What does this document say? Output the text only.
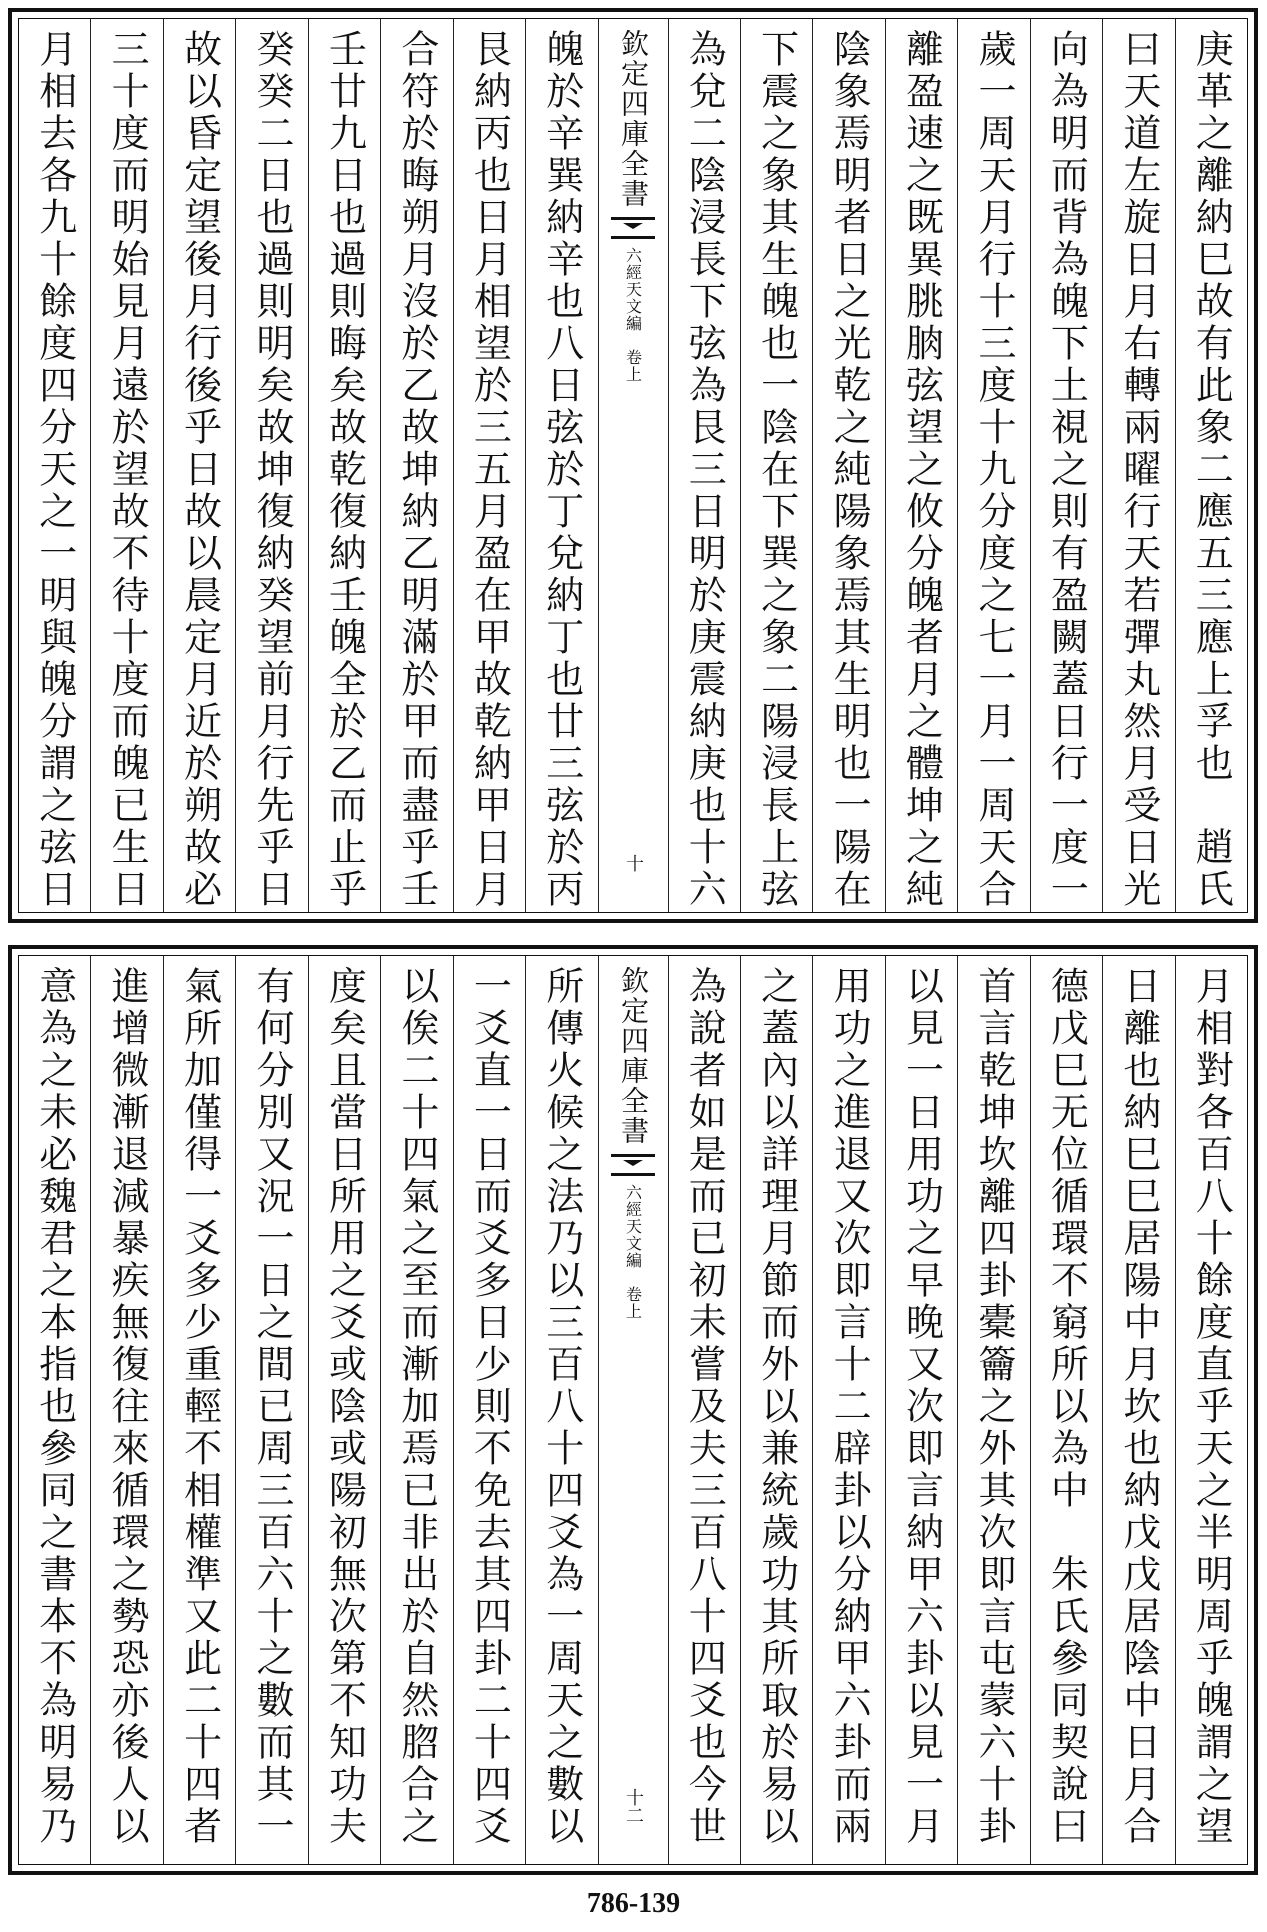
庚革之離納巳故有此象二應五三應上孚也　趙氏
曰天道左旋日月右轉兩曜行天若彈丸然月受日光
向為明而背為魄下土視之則有盈闕蓋日行一度一
歲一周天月行十三度十九分度之七一月一周天合
離盈速之既異朓朒弦望之攸分魄者月之體坤之純
陰象焉明者日之光乾之純陽象焉其生明也一陽在
下震之象其生魄也一陰在下巽之象二陽浸長上弦
為兌二陰浸長下弦為艮三日明於庚震納庚也十六
欽定四庫全書
六經天文編　卷上
十
魄於辛巽納辛也八日弦於丁兌納丁也廿三弦於丙
艮納丙也日月相望於三五月盈在甲故乾納甲日月
合符於晦朔月沒於乙故坤納乙明滿於甲而盡乎壬
壬廿九日也過則晦矣故乾復納壬魄全於乙而止乎
癸癸二日也過則明矣故坤復納癸望前月行先乎日
故以昏定望後月行後乎日故以晨定月近於朔故必
三十度而明始見月遠於望故不待十度而魄已生日
月相去各九十餘度四分天之一明與魄分謂之弦日
月相對各百八十餘度直乎天之半明周乎魄謂之望
日離也納巳巳居陽中月坎也納戊戊居陰中日月合
德戊巳无位循環不窮所以為中　朱氏參同契說曰
首言乾坤坎離四卦橐籥之外其次即言屯蒙六十卦
以見一日用功之早晚又次即言納甲六卦以見一月
用功之進退又次即言十二辟卦以分納甲六卦而兩
之蓋內以詳理月節而外以兼統歲功其所取於易以
為說者如是而已初未嘗及夫三百八十四爻也今世
欽定四庫全書
六經天文編　卷上
十二
所傳火候之法乃以三百八十四爻為一周天之數以
一爻直一日而爻多日少則不免去其四卦二十四爻
以俟二十四氣之至而漸加焉已非出於自然脗合之
度矣且當日所用之爻或陰或陽初無次第不知功夫
有何分別又況一日之間已周三百六十之數而其一
氣所加僅得一爻多少重輕不相權準又此二十四者
進增微漸退減暴疾無復往來循環之勢恐亦後人以
意為之未必魏君之本指也參同之書本不為明易乃
786-139
